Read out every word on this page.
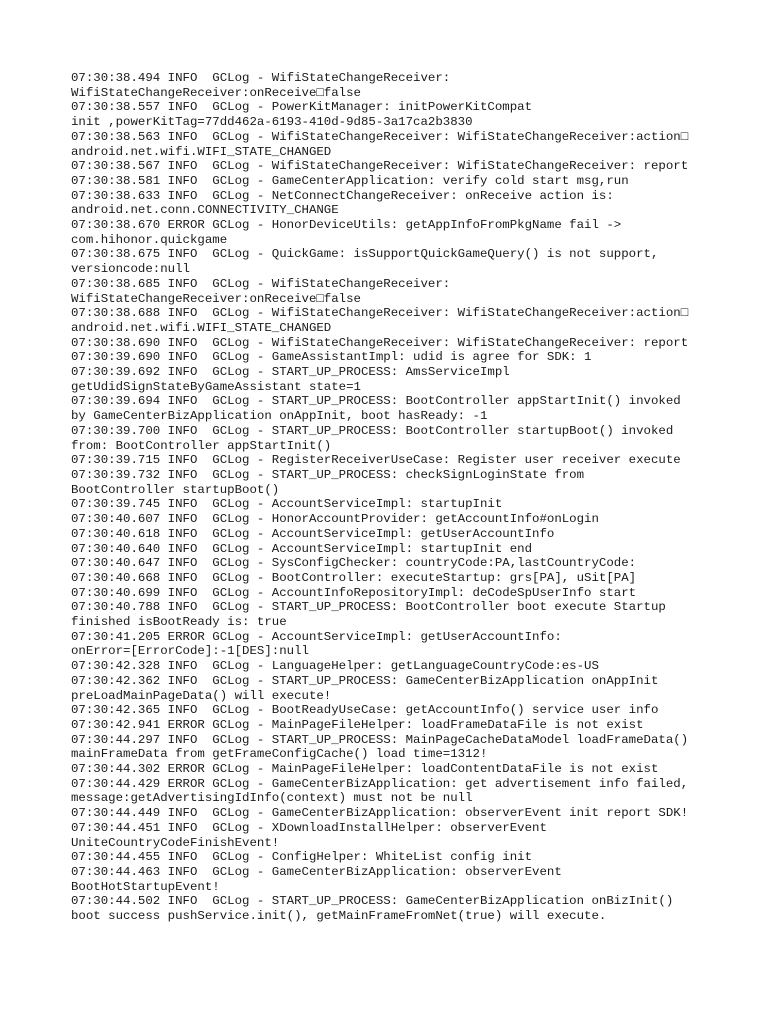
07:30:38.494 INFO  GCLog - WifiStateChangeReceiver:
WifiStateChangeReceiver:onReceive□false
07:30:38.557 INFO  GCLog - PowerKitManager: initPowerKitCompat
init ,powerKitTag=77dd462a-6193-410d-9d85-3a17ca2b3830
07:30:38.563 INFO  GCLog - WifiStateChangeReceiver: WifiStateChangeReceiver:action□
android.net.wifi.WIFI_STATE_CHANGED
07:30:38.567 INFO  GCLog - WifiStateChangeReceiver: WifiStateChangeReceiver: report
07:30:38.581 INFO  GCLog - GameCenterApplication: verify cold start msg,run
07:30:38.633 INFO  GCLog - NetConnectChangeReceiver: onReceive action is:
android.net.conn.CONNECTIVITY_CHANGE
07:30:38.670 ERROR GCLog - HonorDeviceUtils: getAppInfoFromPkgName fail ->
com.hihonor.quickgame
07:30:38.675 INFO  GCLog - QuickGame: isSupportQuickGameQuery() is not support,
versioncode:null
07:30:38.685 INFO  GCLog - WifiStateChangeReceiver:
WifiStateChangeReceiver:onReceive□false
07:30:38.688 INFO  GCLog - WifiStateChangeReceiver: WifiStateChangeReceiver:action□
android.net.wifi.WIFI_STATE_CHANGED
07:30:38.690 INFO  GCLog - WifiStateChangeReceiver: WifiStateChangeReceiver: report
07:30:39.690 INFO  GCLog - GameAssistantImpl: udid is agree for SDK: 1
07:30:39.692 INFO  GCLog - START_UP_PROCESS: AmsServiceImpl
getUdidSignStateByGameAssistant state=1
07:30:39.694 INFO  GCLog - START_UP_PROCESS: BootController appStartInit() invoked
by GameCenterBizApplication onAppInit, boot hasReady: -1
07:30:39.700 INFO  GCLog - START_UP_PROCESS: BootController startupBoot() invoked
from: BootController appStartInit()
07:30:39.715 INFO  GCLog - RegisterReceiverUseCase: Register user receiver execute
07:30:39.732 INFO  GCLog - START_UP_PROCESS: checkSignLoginState from
BootController startupBoot()
07:30:39.745 INFO  GCLog - AccountServiceImpl: startupInit
07:30:40.607 INFO  GCLog - HonorAccountProvider: getAccountInfo#onLogin
07:30:40.618 INFO  GCLog - AccountServiceImpl: getUserAccountInfo
07:30:40.640 INFO  GCLog - AccountServiceImpl: startupInit end
07:30:40.647 INFO  GCLog - SysConfigChecker: countryCode:PA,lastCountryCode:
07:30:40.668 INFO  GCLog - BootController: executeStartup: grs[PA], uSit[PA]
07:30:40.699 INFO  GCLog - AccountInfoRepositoryImpl: deCodeSpUserInfo start
07:30:40.788 INFO  GCLog - START_UP_PROCESS: BootController boot execute Startup
finished isBootReady is: true
07:30:41.205 ERROR GCLog - AccountServiceImpl: getUserAccountInfo:
onError=[ErrorCode]:-1[DES]:null
07:30:42.328 INFO  GCLog - LanguageHelper: getLanguageCountryCode:es-US
07:30:42.362 INFO  GCLog - START_UP_PROCESS: GameCenterBizApplication onAppInit
preLoadMainPageData() will execute!
07:30:42.365 INFO  GCLog - BootReadyUseCase: getAccountInfo() service user info
07:30:42.941 ERROR GCLog - MainPageFileHelper: loadFrameDataFile is not exist
07:30:44.297 INFO  GCLog - START_UP_PROCESS: MainPageCacheDataModel loadFrameData()
mainFrameData from getFrameConfigCache() load time=1312!
07:30:44.302 ERROR GCLog - MainPageFileHelper: loadContentDataFile is not exist
07:30:44.429 ERROR GCLog - GameCenterBizApplication: get advertisement info failed,
message:getAdvertisingIdInfo(context) must not be null
07:30:44.449 INFO  GCLog - GameCenterBizApplication: observerEvent init report SDK!
07:30:44.451 INFO  GCLog - XDownloadInstallHelper: observerEvent
UniteCountryCodeFinishEvent!
07:30:44.455 INFO  GCLog - ConfigHelper: WhiteList config init
07:30:44.463 INFO  GCLog - GameCenterBizApplication: observerEvent
BootHotStartupEvent!
07:30:44.502 INFO  GCLog - START_UP_PROCESS: GameCenterBizApplication onBizInit()
boot success pushService.init(), getMainFrameFromNet(true) will execute.
